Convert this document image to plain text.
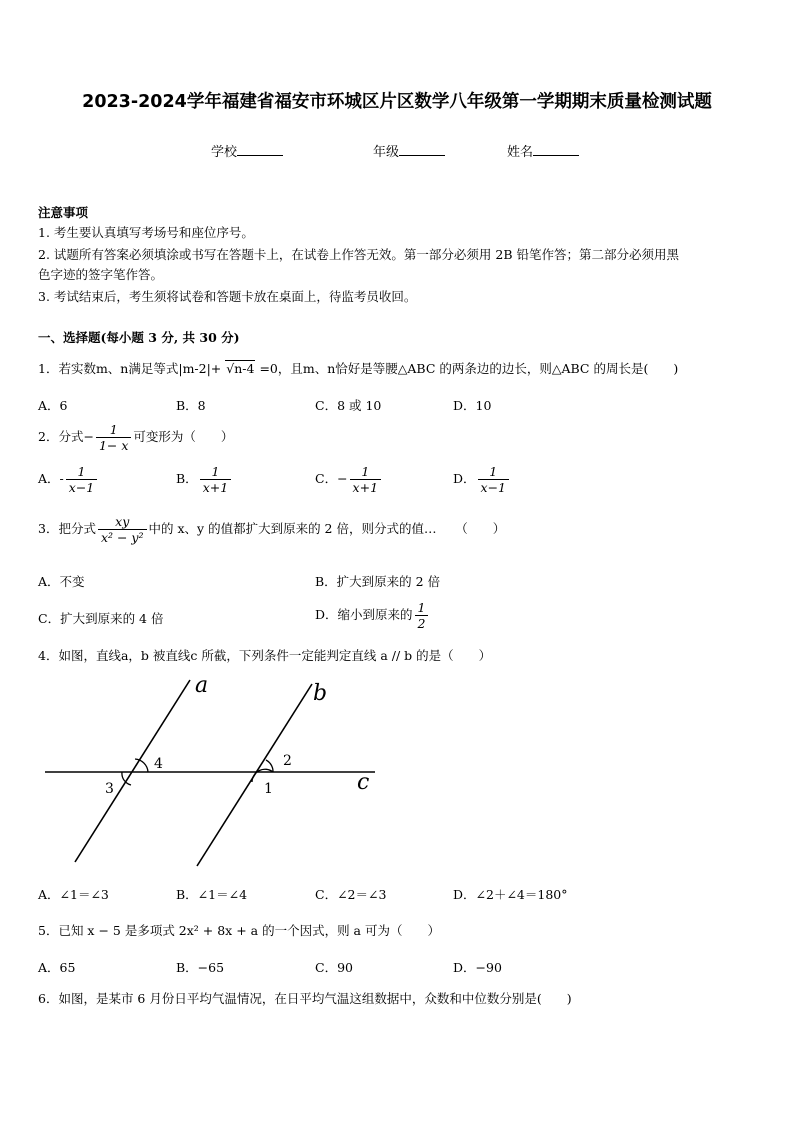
2023-2024学年福建省福安市环城区片区数学八年级第一学期期末质量检测试题
学校	年级	姓名
注意事项
1. 考生要认真填写考场号和座位序号。
2. 试题所有答案必须填涂或书写在答题卡上，在试卷上作答无效。第一部分必须用 2B 铅笔作答；第二部分必须用黑
色字迹的签字笔作答。
3. 考试结束后，考生须将试卷和答题卡放在桌面上，待监考员收回。
一、选择题(每小题 3 分, 共 30 分)
1．若实数m、n满足等式|m-2|+ √n-4 =0，且m、n恰好是等腰△ABC 的两条边的边长，则△ABC 的周长是(　　)
A．6	B．8	C．8 或 10	D．10
2．分式− $\frac{1}{1- x}$ 可变形为（　　）
A．- $\frac{1}{x-1}$	B． $\frac{1}{x+1}$	C．− $\frac{1}{x+1}$	D． $\frac{1}{x-1}$
3．把分式 $\frac{xy}{\text{x² − y²}}$ 中的 x、y 的值都扩大到原来的 2 倍，则分式的值…　　（　　）
A．不变	B．扩大到原来的 2 倍
C．扩大到原来的 4 倍	D．缩小到原来的 $\frac{1}{2}$
4．如图，直线a，b 被直线c 所截，下列条件一定能判定直线 a // b 的是（　　）
a	b
c
1
2
3
4
A．∠1＝∠3	B．∠1＝∠4	C．∠2＝∠3	D．∠2＋∠4＝180°
5．已知 x − 5 是多项式 2x² + 8x + a 的一个因式，则 a 可为（　　）
A．65	B．−65	C．90	D．−90
6．如图，是某市 6 月份日平均气温情况，在日平均气温这组数据中，众数和中位数分别是(　　)
